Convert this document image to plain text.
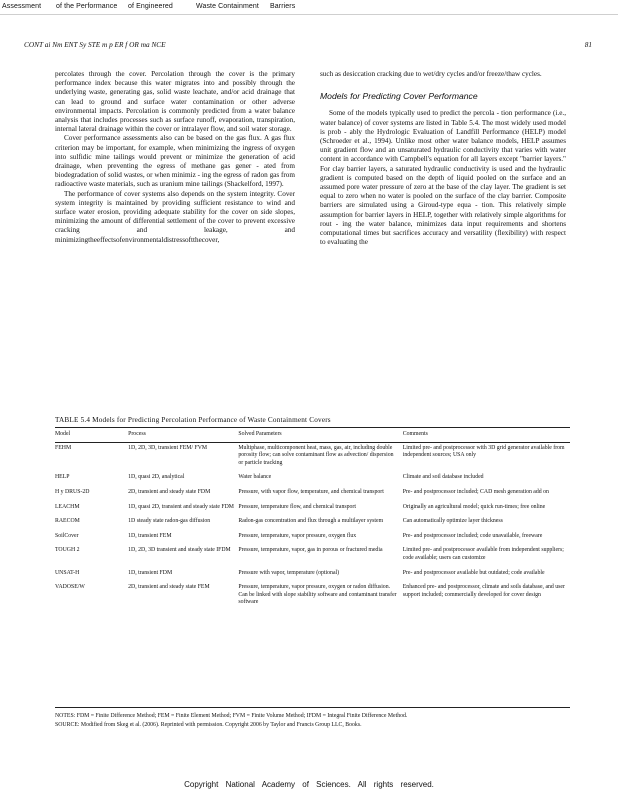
Assessment of the Performance of Engineered	Waste Containment Barriers
CONT ai Nm ENT Sy STE m p ER f OR ma NCE	81

percolates through the cover. Percolation through the cover is the primary performance index because this water migrates into and possibly through the underlying waste, generating gas, solid waste leachate, and/or acid drainage that can lead to ground and surface water contamination or other adverse environmental impacts. Percolation is commonly predicted from a water balance analysis that includes processes such as surface runoff, evaporation, transpiration, internal lateral drainage within the cover or intralayer flow, and soil water storage.

Cover performance assessments also can be based on the gas flux. A gas flux criterion may be important, for example, when minimizing the ingress of oxygen into sulfidic mine tailings would prevent or minimize the generation of acid drainage, when preventing the egress of methane gas gener - ated from biodegradation of solid wastes, or when minimiz - ing the egress of radon gas from radioactive waste materials, such as uranium mine tailings (Shackelford, 1997).

The performance of cover systems also depends on the system integrity. Cover system integrity is maintained by providing sufficient resistance to wind and surface water erosion, providing adequate stability for the cover on side slopes, minimizing the amount of differential settlement of the cover to prevent excessive cracking and leakage, and minimizingtheeffectsofenvironmentaldistressoftthecover,

such as desiccation cracking due to wet/dry cycles and/or freeze/thaw cycles.

Models for Predicting Cover Performance

Some of the models typically used to predict the percola - tion performance (i.e., water balance) of cover systems are listed in Table 5.4. The most widely used model is prob - ably the Hydrologic Evaluation of Landfill Performance (HELP) model (Schroeder et al., 1994). Unlike most other water balance models, HELP assumes unit gradient flow and an unsaturated hydraulic conductivity that varies with water content in accordance with Campbell's equation for all layers except "barrier layers." For clay barrier layers, a saturated hydraulic conductivity is used and the hydraulic gradient is computed based on the depth of liquid pooled on the surface and an assumed pore water pressure of zero at the base of the clay layer. The gradient is set equal to zero when no water is pooled on the surface of the clay barrier. Composite barriers are simulated using a Giroud-type equa - tion. This relatively simple assumption for barrier layers in HELP, together with relatively simple algorithms for rout - ing the water balance, minimizes data input requirements and shortens computational times but sacrifices accuracy and versatility (flexibility) with respect to evaluating the

TABLE 5.4 Models for Predicting Percolation Performance of Waste Containment Covers
Model	Process	Solved Parameters	Comments
FEHM	1D, 2D, 3D, transient FEM/ FVM	Multiphase, multicomponent heat, mass, gas, air, including double porosity flow; can solve contaminant flow as advection/ dispersion or particle tracking	Limited pre- and postprocessor with 3D grid generator available from independent sources; USA only
HELP	1D, quasi 2D, analytical	Water balance	Climate and soil database included
H y DRUS-2D	2D, transient and steady state FDM	Pressure, with vapor flow, temperature, and chemical transport	Pre- and postprocessor included; CAD mesh generation add on
LEACHM	1D, quasi 2D, transient and steady state FDM	Pressure, temperature flow, and chemical transport	Originally an agricultural model; quick run-times; free online
RAECOM	1D steady state radon-gas diffusion	Radon-gas concentration and flux through a multilayer system	Can automatically optimize layer thickness
SoilCover	1D, transient FEM	Pressure, temperature, vapor pressure, oxygen flux	Pre- and postprocessor included; code unavailable, freeware
TOUGH 2	1D, 2D, 3D transient and steady state IFDM	Pressure, temperature, vapor, gas in porous or fractured media	Limited pre- and postprocessor available from independent suppliers; code available; users can customize
UNSAT-H	1D, transient FDM	Pressure with vapor, temperature (optional)	Pre- and postprocessor available but outdated; code available
VADOSE/W	2D, transient and steady state FEM	Pressure, temperature, vapor pressure, oxygen or radon diffusion. Can be linked with slope stability software and contaminant transfer software	Enhanced pre- and postprocessor, climate and soils database, and user support included; commercially developed for cover design
NOTES: FDM = Finite Difference Method; FEM = Finite Element Method; FVM = Finite Volume Method; IFDM = Integral Finite Difference Method.
SOURCE: Modified from Skeg et al. (2006). Reprinted with permission. Copyright 2006 by Taylor and Francis Group LLC, Books.
Copyright National Academy of Sciences. All rights reserved.
